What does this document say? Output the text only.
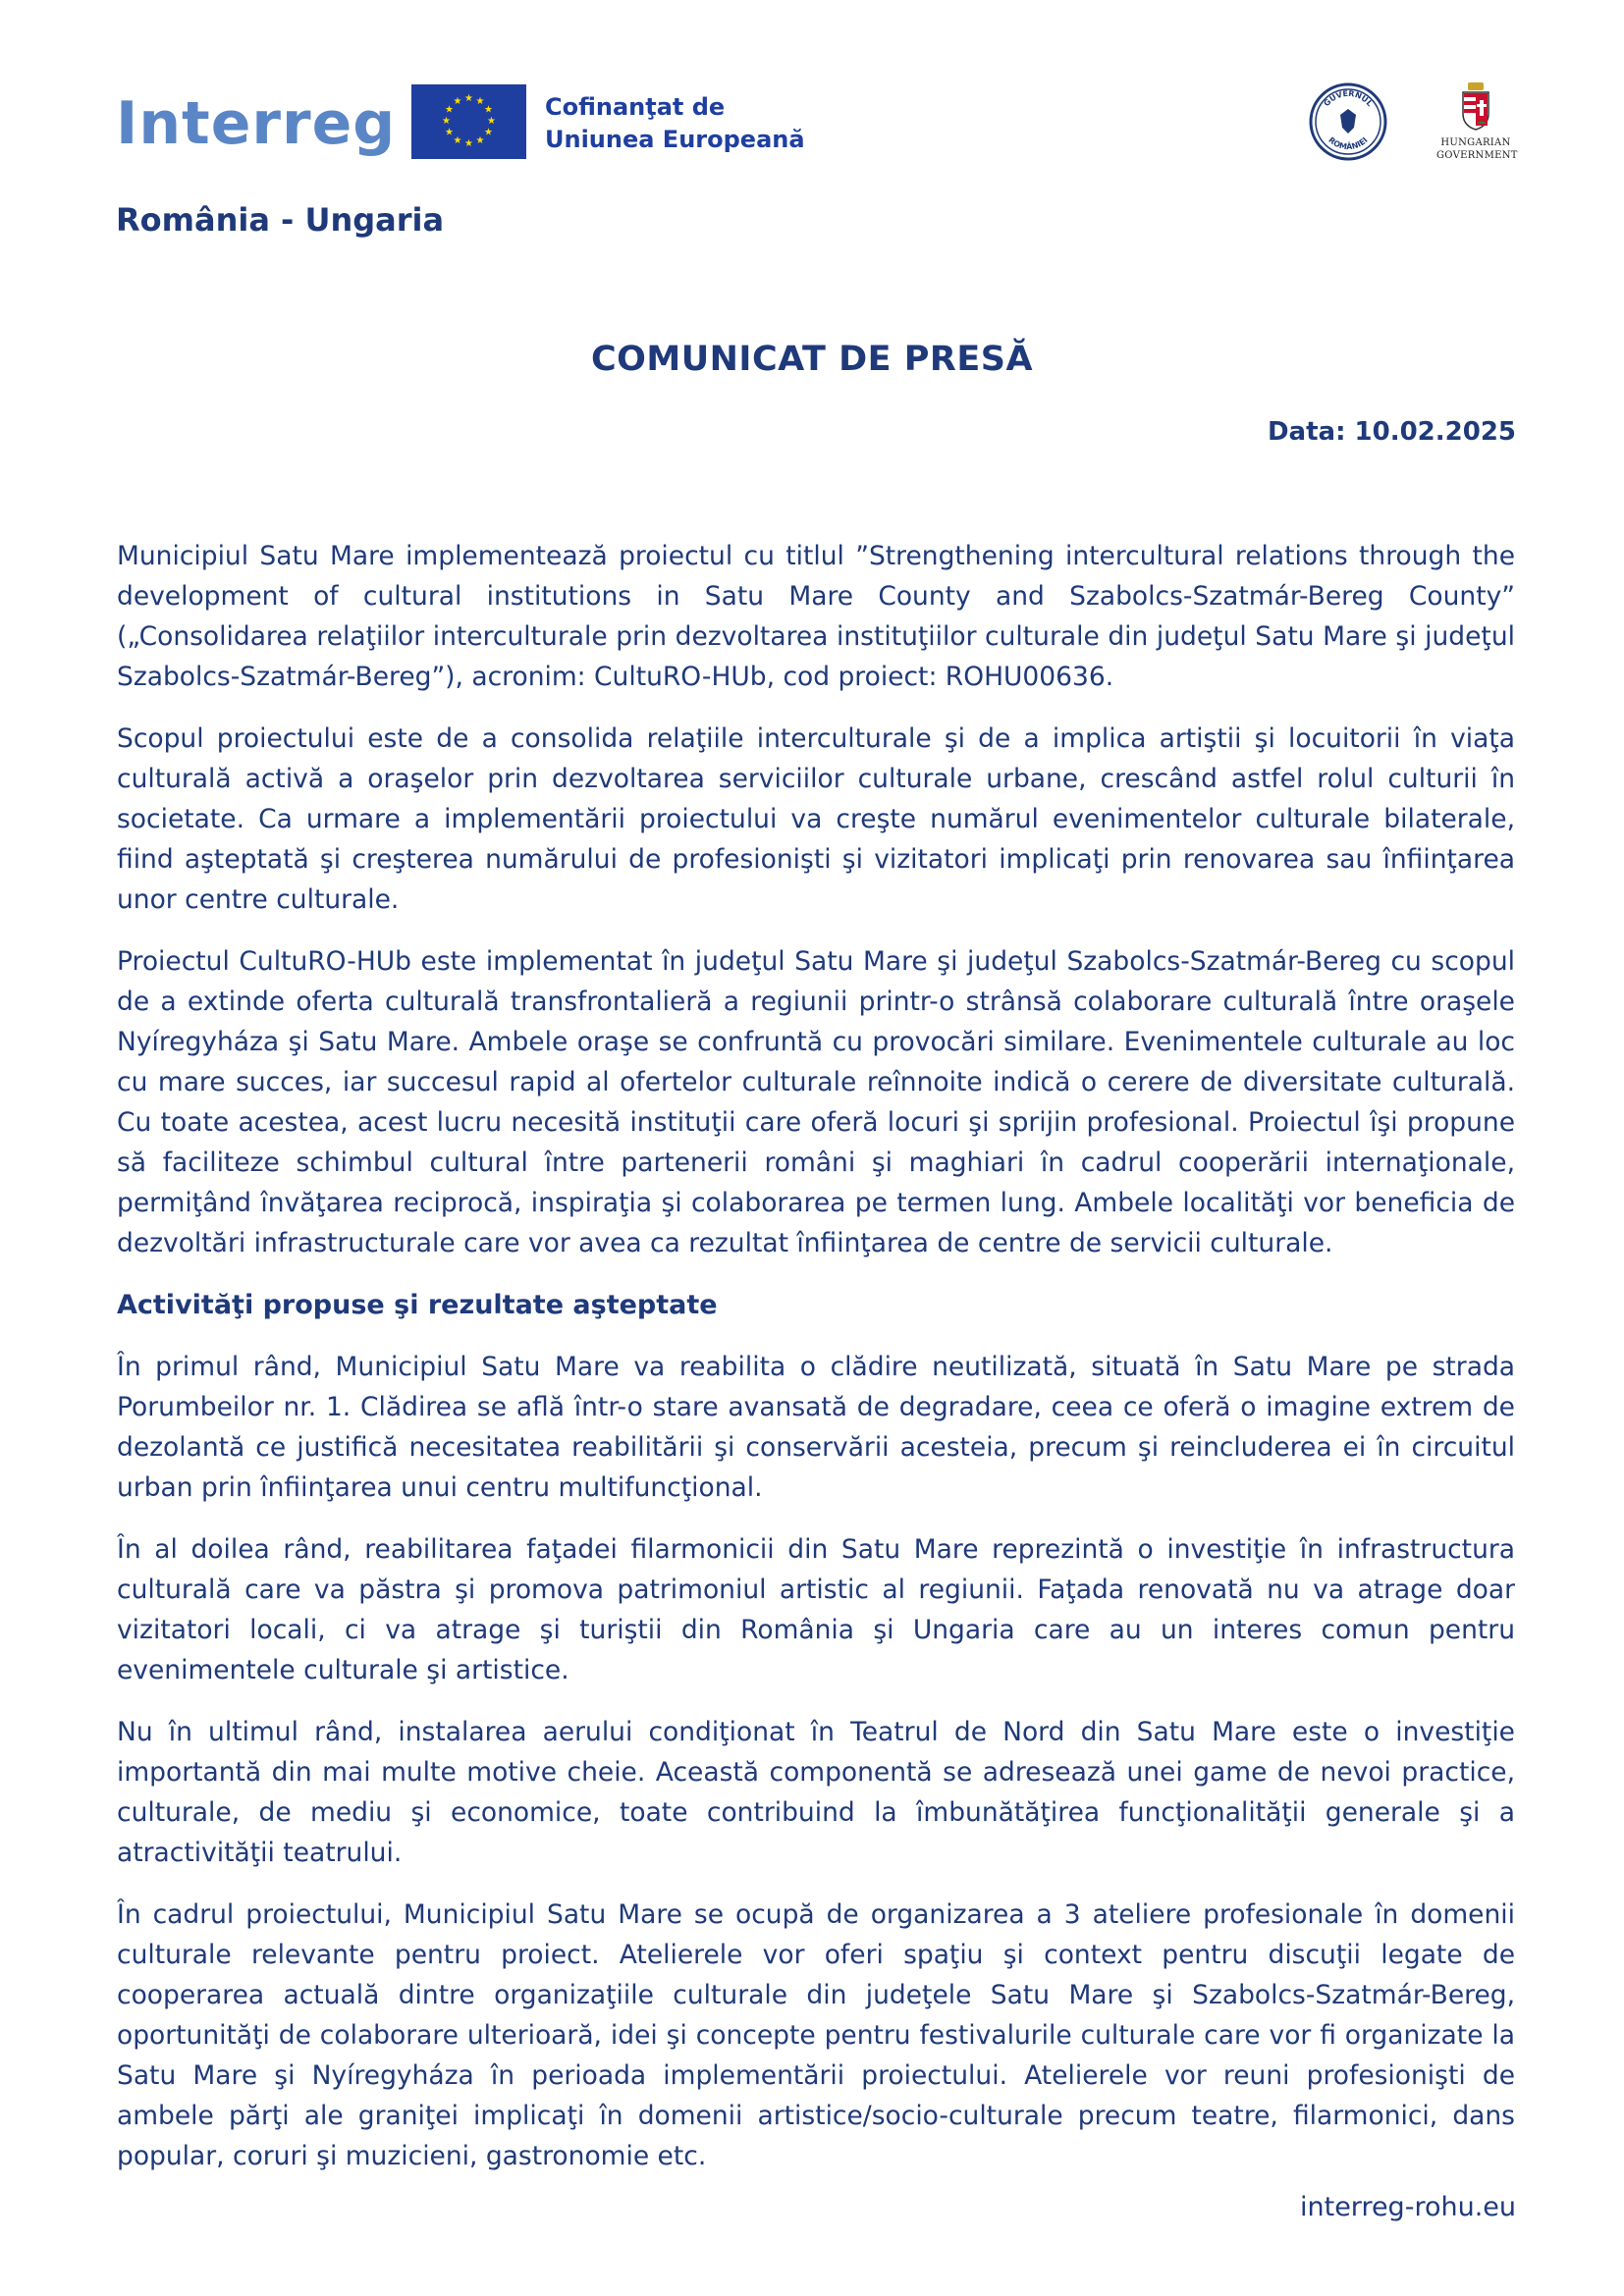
Interreg	★ ★
★
★
★
★
★
★
★
★
★
★	Cofinanţat de
Uniunea Europeană
România - Ungaria
GUVERNUL
ROMÂNIEI	HUNGARIAN
GOVERNMENT
COMUNICAT DE PRESĂ
Data: 10.02.2025

Municipiul Satu Mare implementează proiectul cu titlul ”Strengthening intercultural relations through the development of cultural institutions in Satu Mare County and Szabolcs-Szatmár-Bereg County” („Consolidarea relaţiilor interculturale prin dezvoltarea instituţiilor culturale din judeţul Satu Mare şi judeţul Szabolcs-Szatmár-Bereg”), acronim: CultuRO-HUb, cod proiect: ROHU00636.

Scopul proiectului este de a consolida relaţiile interculturale şi de a implica artiştii şi locuitorii în viaţa culturală activă a oraşelor prin dezvoltarea serviciilor culturale urbane, crescând astfel rolul culturii în societate. Ca urmare a implementării proiectului va creşte numărul evenimentelor culturale bilaterale, fiind aşteptată şi creşterea numărului de profesionişti şi vizitatori implicaţi prin renovarea sau înfiinţarea unor centre culturale.

Proiectul CultuRO-HUb este implementat în judeţul Satu Mare şi judeţul Szabolcs-Szatmár-Bereg cu scopul de a extinde oferta culturală transfrontalieră a regiunii printr-o strânsă colaborare culturală între oraşele Nyíregyháza şi Satu Mare. Ambele oraşe se confruntă cu provocări similare. Evenimentele culturale au loc cu mare succes, iar succesul rapid al ofertelor culturale reînnoite indică o cerere de diversitate culturală. Cu toate acestea, acest lucru necesită instituţii care oferă locuri şi sprijin profesional. Proiectul îşi propune să faciliteze schimbul cultural între partenerii români şi maghiari în cadrul cooperării internaţionale, permiţând învăţarea reciprocă, inspiraţia şi colaborarea pe termen lung. Ambele localităţi vor beneficia de dezvoltări infrastructurale care vor avea ca rezultat înfiinţarea de centre de servicii culturale.

Activităţi propuse şi rezultate aşteptate

În primul rând, Municipiul Satu Mare va reabilita o clădire neutilizată, situată în Satu Mare pe strada Porumbeilor nr. 1. Clădirea se află într-o stare avansată de degradare, ceea ce oferă o imagine extrem de dezolantă ce justifică necesitatea reabilitării şi conservării acesteia, precum şi reincluderea ei în circuitul urban prin înfiinţarea unui centru multifuncţional.

În al doilea rând, reabilitarea faţadei filarmonicii din Satu Mare reprezintă o investiţie în infrastructura culturală care va păstra şi promova patrimoniul artistic al regiunii. Faţada renovată nu va atrage doar vizitatori locali, ci va atrage şi turiştii din România şi Ungaria care au un interes comun pentru evenimentele culturale şi artistice.

Nu în ultimul rând, instalarea aerului condiţionat în Teatrul de Nord din Satu Mare este o investiţie importantă din mai multe motive cheie. Această componentă se adresează unei game de nevoi practice, culturale, de mediu şi economice, toate contribuind la îmbunătăţirea funcţionalităţii generale şi a atractivităţii teatrului.

În cadrul proiectului, Municipiul Satu Mare se ocupă de organizarea a 3 ateliere profesionale în domenii culturale relevante pentru proiect. Atelierele vor oferi spaţiu şi context pentru discuţii legate de cooperarea actuală dintre organizaţiile culturale din judeţele Satu Mare şi Szabolcs-Szatmár-Bereg, oportunităţi de colaborare ulterioară, idei şi concepte pentru festivalurile culturale care vor fi organizate la Satu Mare şi Nyíregyháza în perioada implementării proiectului. Atelierele vor reuni profesionişti de ambele părţi ale graniţei implicaţi în domenii artistice/socio-culturale precum teatre, filarmonici, dans popular, coruri şi muzicieni, gastronomie etc.

interreg-rohu.eu
